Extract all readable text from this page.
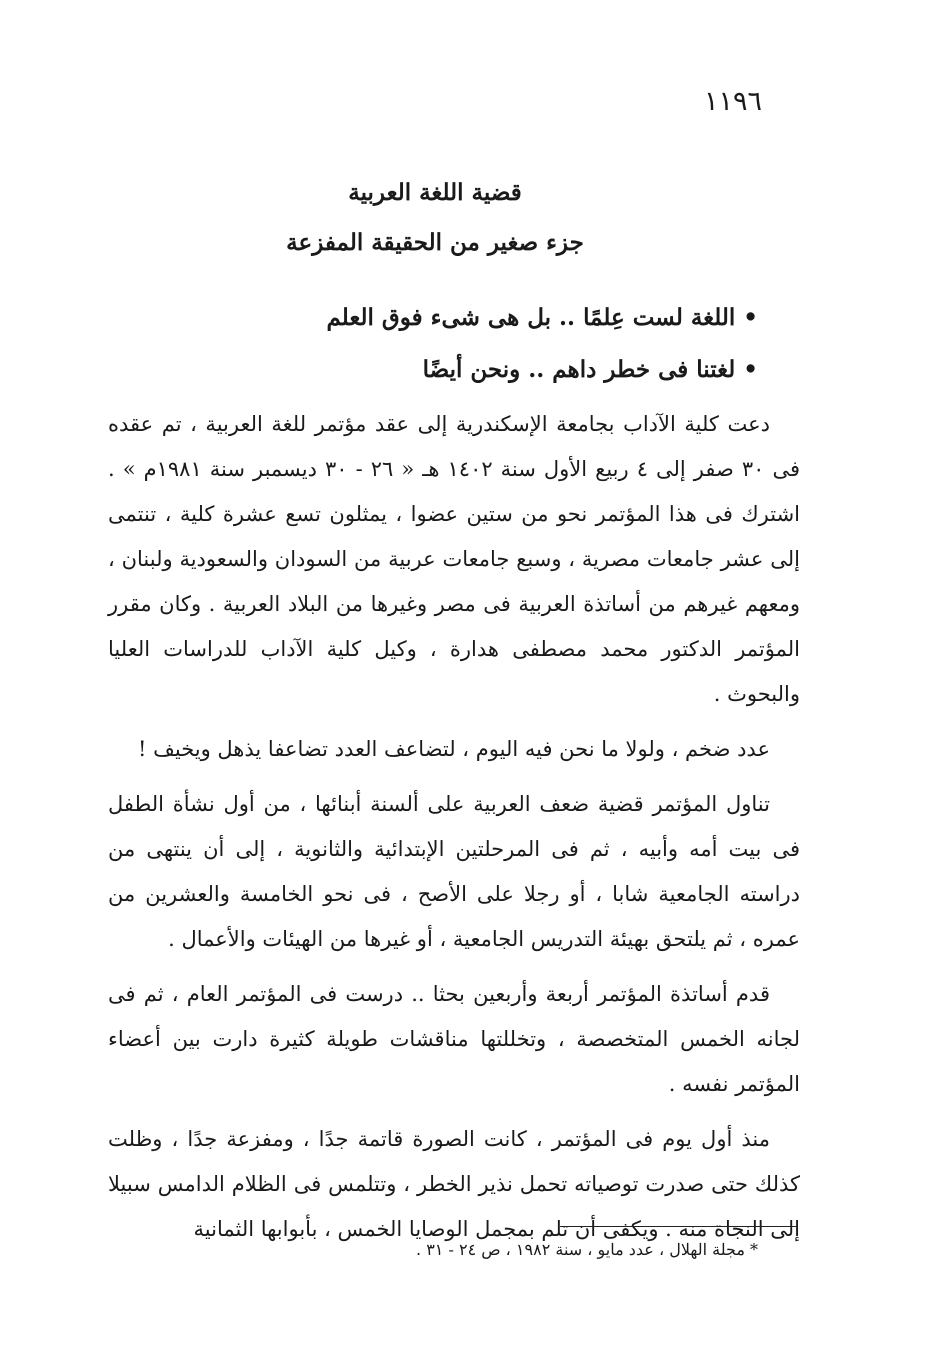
١١٩٦
قضية اللغة العربية
جزء صغير من الحقيقة المفزعة
• اللغة لست عِلمًا .. بل هى شىء فوق العلم
• لغتنا فى خطر داهم .. ونحن أيضًا

دعت كلية الآداب بجامعة الإسكندرية إلى عقد مؤتمر للغة العربية ، تم عقده فى ٣٠ صفر إلى ٤ ربيع الأول سنة ١٤٠٢ هـ « ٢٦ - ٣٠ ديسمبر سنة ١٩٨١م » . اشترك فى هذا المؤتمر نحو من ستين عضوا ، يمثلون تسع عشرة كلية ، تنتمى إلى عشر جامعات مصرية ، وسبع جامعات عربية من السودان والسعودية ولبنان ، ومعهم غيرهم من أساتذة العربية فى مصر وغيرها من البلاد العربية . وكان مقرر المؤتمر الدكتور محمد مصطفى هدارة ، وكيل كلية الآداب للدراسات العليا والبحوث .

عدد ضخم ، ولولا ما نحن فيه اليوم ، لتضاعف العدد تضاعفا يذهل ويخيف !

تناول المؤتمر قضية ضعف العربية على ألسنة أبنائها ، من أول نشأة الطفل فى بيت أمه وأبيه ، ثم فى المرحلتين الإبتدائية والثانوية ، إلى أن ينتهى من دراسته الجامعية شابا ، أو رجلا على الأصح ، فى نحو الخامسة والعشرين من عمره ، ثم يلتحق بهيئة التدريس الجامعية ، أو غيرها من الهيئات والأعمال .

قدم أساتذة المؤتمر أربعة وأربعين بحثا .. درست فى المؤتمر العام ، ثم فى لجانه الخمس المتخصصة ، وتخللتها مناقشات طويلة كثيرة دارت بين أعضاء المؤتمر نفسه .

منذ أول يوم فى المؤتمر ، كانت الصورة قاتمة جدًا ، ومفزعة جدًا ، وظلت كذلك حتى صدرت توصياته تحمل نذير الخطر ، وتتلمس فى الظلام الدامس سبيلا إلى النجاة منه . ويكفى أن تلم بمجمل الوصايا الخمس ، بأبوابها الثمانية

* مجلة الهلال ، عدد مايو ، سنة ١٩٨٢ ، ص ٢٤ - ٣١ .
